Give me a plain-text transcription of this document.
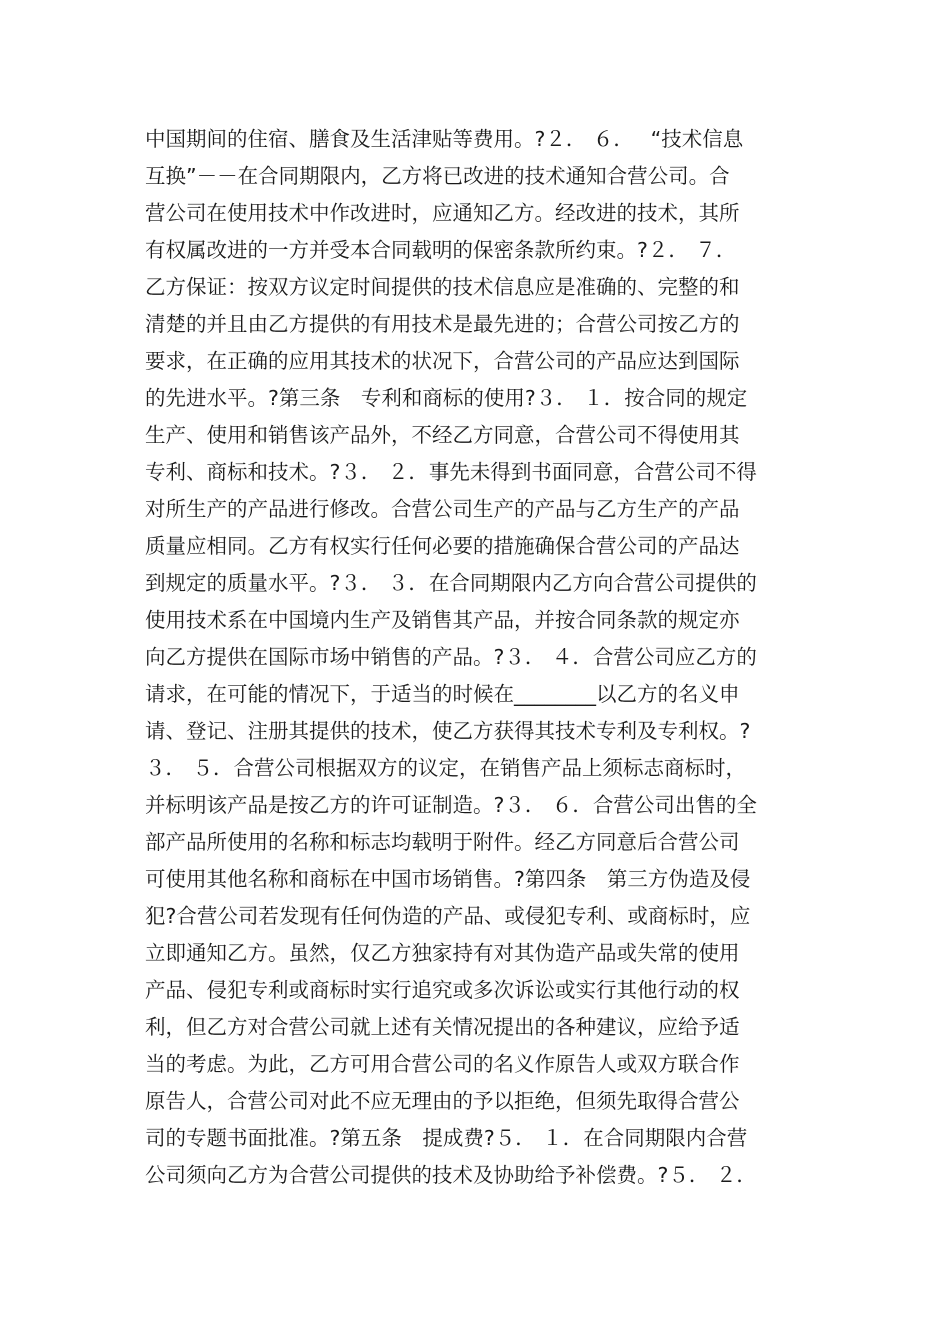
中国期间的住宿、膳食及生活津贴等费用。?２． ６．　 “技术信息
互换”－－在合同期限内，乙方将已改进的技术通知合营公司。合
营公司在使用技术中作改进时，应通知乙方。经改进的技术，其所
有权属改进的一方并受本合同载明的保密条款所约束。?２． ７．
乙方保证：按双方议定时间提供的技术信息应是准确的、完整的和
清楚的并且由乙方提供的有用技术是最先进的；合营公司按乙方的
要求，在正确的应用其技术的状况下，合营公司的产品应达到国际
的先进水平。?第三条　专利和商标的使用?３． １．按合同的规定
生产、使用和销售该产品外，不经乙方同意，合营公司不得使用其
专利、商标和技术。?３． ２．事先未得到书面同意，合营公司不得
对所生产的产品进行修改。合营公司生产的产品与乙方生产的产品
质量应相同。乙方有权实行任何必要的措施确保合营公司的产品达
到规定的质量水平。?３． ３．在合同期限内乙方向合营公司提供的
使用技术系在中国境内生产及销售其产品，并按合同条款的规定亦
向乙方提供在国际市场中销售的产品。?３． ４．合营公司应乙方的
请求，在可能的情况下，于适当的时候在________以乙方的名义申
请、登记、注册其提供的技术，使乙方获得其技术专利及专利权。?
３． ５．合营公司根据双方的议定，在销售产品上须标志商标时，
并标明该产品是按乙方的许可证制造。?３． ６．合营公司出售的全
部产品所使用的名称和标志均载明于附件。经乙方同意后合营公司
可使用其他名称和商标在中国市场销售。?第四条　第三方伪造及侵
犯?合营公司若发现有任何伪造的产品、或侵犯专利、或商标时，应
立即通知乙方。虽然，仅乙方独家持有对其伪造产品或失常的使用
产品、侵犯专利或商标时实行追究或多次诉讼或实行其他行动的权
利，但乙方对合营公司就上述有关情况提出的各种建议，应给予适
当的考虑。为此，乙方可用合营公司的名义作原告人或双方联合作
原告人，合营公司对此不应无理由的予以拒绝，但须先取得合营公
司的专题书面批准。?第五条　提成费?５． １．在合同期限内合营
公司须向乙方为合营公司提供的技术及协助给予补偿费。?５． ２．
